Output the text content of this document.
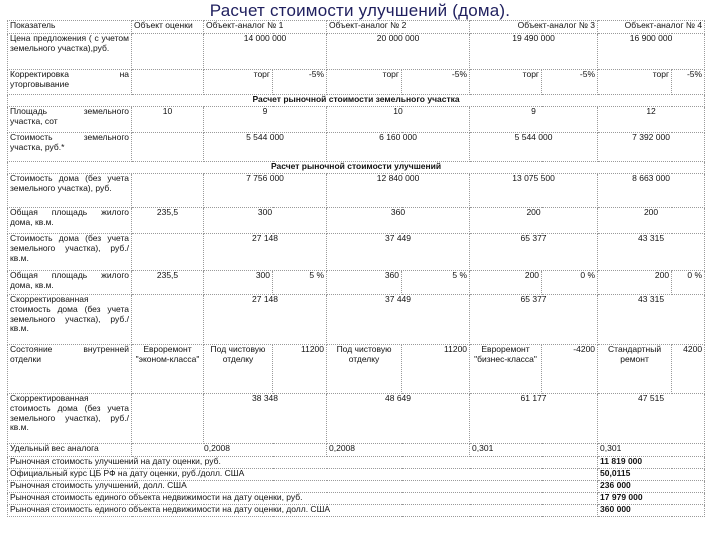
Расчет стоимости улучшений (дома).
Показатель	Объект оценки	Объект-аналог № 1		Объект-аналог № 2		Объект-аналог № 3		Объект-аналог № 4	
Цена предложения ( с учетом земельного участка),руб.		14 000 000		20 000 000		19 490 000		16 900 000	
Корректировка на уторговывание		торг	-5%	торг	-5%	торг	-5%	торг	-5%
Расчет рыночной стоимости земельного участка									
Площадь земельного участка, сот	10	9		10		9		12	
Стоимость земельного участка, руб.*		5 544 000		6 160 000		5 544 000		7 392 000	
Расчет рыночной стоимости улучшений									
Стоимость дома (без учета земельного участка), руб.		7 756 000		12 840 000		13 075 500		8 663 000	
Общая площадь жилого дома, кв.м.	235,5	300		360		200		200	
Стоимость дома (без учета земельного участка), руб./кв.м.		27 148		37 449		65 377		43 315	
Общая площадь жилого дома, кв.м.	235,5	300	5 %	360	5 %	200	0 %	200	0 %
Скорректированная стоимость дома (без учета земельного участка), руб./кв.м.		27 148		37 449		65 377		43 315	
Состояние внутренней отделки	Евроремонт "эконом-класса"	Под чистовую отделку	11200	Под чистовую отделку	11200	Евроремонт "бизнес-класса"	-4200	Стандартный ремонт	4200
Скорректированная стоимость дома (без учета земельного участка), руб./кв.м.		38 348		48 649		61 177		47 515	
Удельный вес аналога	0,2008			0,2008		0,301		0,301	
Рыночная стоимость улучшений на дату оценки, руб.								11 819 000	
Официальный курс ЦБ РФ на дату оценки, руб./долл. США								50,0115	
Рыночная стоимость улучшений, долл. США								236 000	
Рыночная стоимость единого объекта недвижимости на дату оценки, руб.								17 979 000	
Рыночная стоимость единого объекта недвижимости на дату оценки, долл. США								360 000	
